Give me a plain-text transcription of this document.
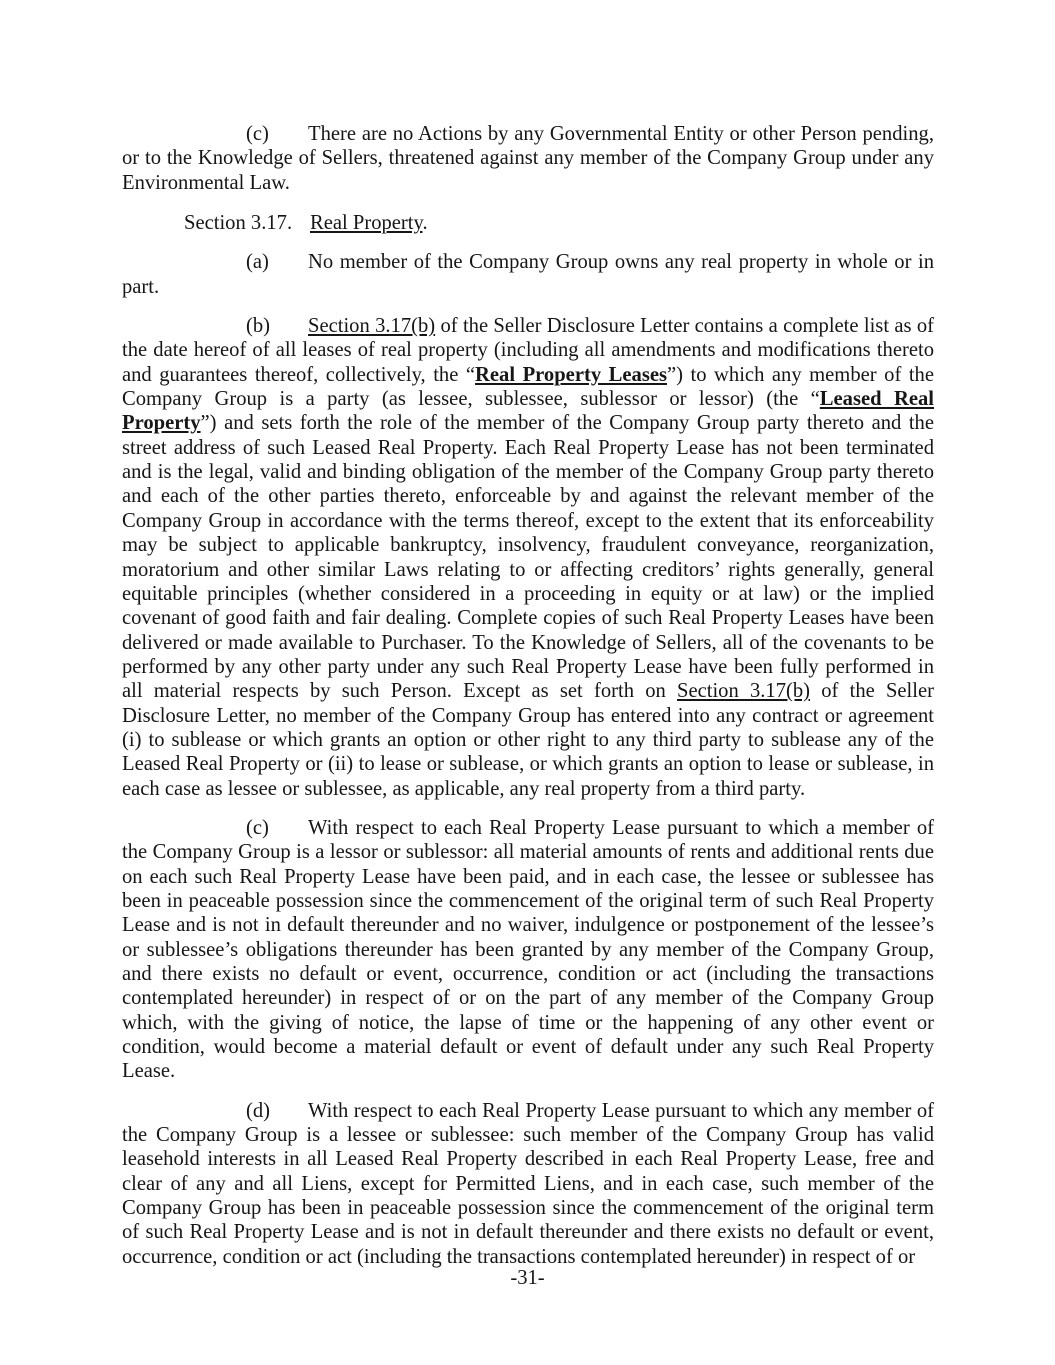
(c) There are no Actions by any Governmental Entity or other Person pending, or to the Knowledge of Sellers, threatened against any member of the Company Group under any Environmental Law.

Section 3.17. Real Property.

(a) No member of the Company Group owns any real property in whole or in part.

(b) Section 3.17(b) of the Seller Disclosure Letter contains a complete list as of the date hereof of all leases of real property (including all amendments and modifications thereto and guarantees thereof, collectively, the “Real Property Leases”) to which any member of the Company Group is a party (as lessee, sublessee, sublessor or lessor) (the “Leased Real Property”) and sets forth the role of the member of the Company Group party thereto and the street address of such Leased Real Property. Each Real Property Lease has not been terminated and is the legal, valid and binding obligation of the member of the Company Group party thereto and each of the other parties thereto, enforceable by and against the relevant member of the Company Group in accordance with the terms thereof, except to the extent that its enforceability may be subject to applicable bankruptcy, insolvency, fraudulent conveyance, reorganization, moratorium and other similar Laws relating to or affecting creditors’ rights generally, general equitable principles (whether considered in a proceeding in equity or at law) or the implied covenant of good faith and fair dealing. Complete copies of such Real Property Leases have been delivered or made available to Purchaser. To the Knowledge of Sellers, all of the covenants to be performed by any other party under any such Real Property Lease have been fully performed in all material respects by such Person. Except as set forth on Section 3.17(b) of the Seller Disclosure Letter, no member of the Company Group has entered into any contract or agreement (i) to sublease or which grants an option or other right to any third party to sublease any of the Leased Real Property or (ii) to lease or sublease, or which grants an option to lease or sublease, in each case as lessee or sublessee, as applicable, any real property from a third party.

(c) With respect to each Real Property Lease pursuant to which a member of the Company Group is a lessor or sublessor: all material amounts of rents and additional rents due on each such Real Property Lease have been paid, and in each case, the lessee or sublessee has been in peaceable possession since the commencement of the original term of such Real Property Lease and is not in default thereunder and no waiver, indulgence or postponement of the lessee’s or sublessee’s obligations thereunder has been granted by any member of the Company Group, and there exists no default or event, occurrence, condition or act (including the transactions contemplated hereunder) in respect of or on the part of any member of the Company Group which, with the giving of notice, the lapse of time or the happening of any other event or condition, would become a material default or event of default under any such Real Property Lease.

(d) With respect to each Real Property Lease pursuant to which any member of the Company Group is a lessee or sublessee: such member of the Company Group has valid leasehold interests in all Leased Real Property described in each Real Property Lease, free and clear of any and all Liens, except for Permitted Liens, and in each case, such member of the Company Group has been in peaceable possession since the commencement of the original term of such Real Property Lease and is not in default thereunder and there exists no default or event, occurrence, condition or act (including the transactions contemplated hereunder) in respect of or

-31-
